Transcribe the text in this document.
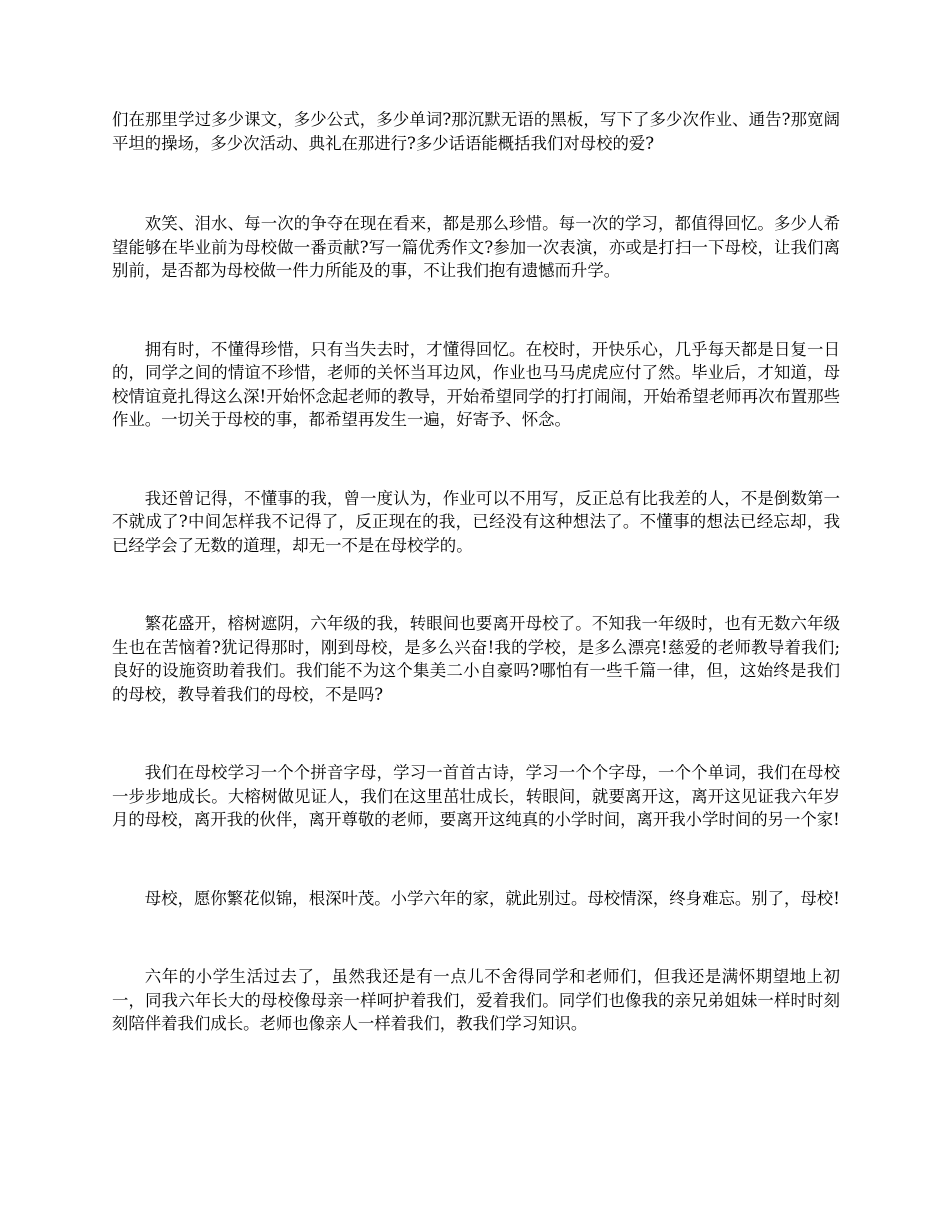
们在那里学过多少课文，多少公式，多少单词?那沉默无语的黑板，写下了多少次作业、通告?那宽阔平坦的操场，多少次活动、典礼在那进行?多少话语能概括我们对母校的爱?

欢笑、泪水、每一次的争夺在现在看来，都是那么珍惜。每一次的学习，都值得回忆。多少人希望能够在毕业前为母校做一番贡献?写一篇优秀作文?参加一次表演，亦或是打扫一下母校，让我们离别前，是否都为母校做一件力所能及的事，不让我们抱有遗憾而升学。

拥有时，不懂得珍惜，只有当失去时，才懂得回忆。在校时，开快乐心，几乎每天都是日复一日的，同学之间的情谊不珍惜，老师的关怀当耳边风，作业也马马虎虎应付了然。毕业后，才知道，母校情谊竟扎得这么深!开始怀念起老师的教导，开始希望同学的打打闹闹，开始希望老师再次布置那些作业。一切关于母校的事，都希望再发生一遍，好寄予、怀念。

我还曾记得，不懂事的我，曾一度认为，作业可以不用写，反正总有比我差的人，不是倒数第一不就成了?中间怎样我不记得了，反正现在的我，已经没有这种想法了。不懂事的想法已经忘却，我已经学会了无数的道理，却无一不是在母校学的。

繁花盛开，榕树遮阴，六年级的我，转眼间也要离开母校了。不知我一年级时，也有无数六年级生也在苦恼着?犹记得那时，刚到母校，是多么兴奋!我的学校，是多么漂亮!慈爱的老师教导着我们;良好的设施资助着我们。我们能不为这个集美二小自豪吗?哪怕有一些千篇一律，但，这始终是我们的母校，教导着我们的母校，不是吗?

我们在母校学习一个个拼音字母，学习一首首古诗，学习一个个字母，一个个单词，我们在母校一步步地成长。大榕树做见证人，我们在这里茁壮成长，转眼间，就要离开这，离开这见证我六年岁月的母校，离开我的伙伴，离开尊敬的老师，要离开这纯真的小学时间，离开我小学时间的另一个家!

母校，愿你繁花似锦，根深叶茂。小学六年的家，就此别过。母校情深，终身难忘。别了，母校!

六年的小学生活过去了，虽然我还是有一点儿不舍得同学和老师们，但我还是满怀期望地上初一，同我六年长大的母校像母亲一样呵护着我们，爱着我们。同学们也像我的亲兄弟姐妹一样时时刻刻陪伴着我们成长。老师也像亲人一样着我们，教我们学习知识。
